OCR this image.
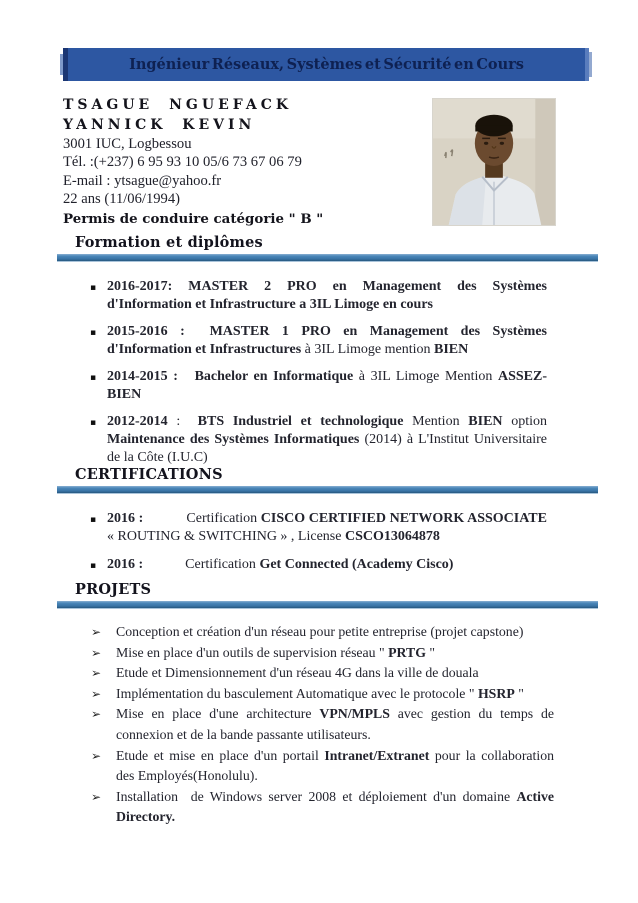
Ingénieur Réseaux, Systèmes et Sécurité en Cours
TSAGUE NGUEFACK
YANNICK KEVIN
3001 IUC, Logbessou
Tél. :(+237) 6 95 93 10 05/6 73 67 06 79
E-mail : ytsague@yahoo.fr
22 ans (11/06/1994)
Permis de conduire catégorie " B "
Formation et diplômes
▪ 2016-2017: MASTER 2 PRO en Management des Systèmes d'Information et Infrastructure a 3IL Limoge en cours
▪ 2015-2016 :  MASTER 1 PRO en Management des Systèmes d'Information et Infrastructures à 3IL Limoge mention BIEN
▪ 2014-2015 :   Bachelor en Informatique à 3IL Limoge Mention ASSEZ-BIEN
▪ 2012-2014 :  BTS Industriel et technologique Mention BIEN option Maintenance des Systèmes Informatiques (2014) à L'Institut Universitaire de la Côte (I.U.C)
CERTIFICATIONS
▪ 2016 :            Certification CISCO CERTIFIED NETWORK ASSOCIATE « ROUTING & SWITCHING » , License CSCO13064878
▪ 2016 :            Certification Get Connected (Academy Cisco)
PROJETS
➢ Conception et création d'un réseau pour petite entreprise (projet capstone)
➢ Mise en place d'un outils de supervision réseau " PRTG "
➢ Etude et Dimensionnement d'un réseau 4G dans la ville de douala
➢ Implémentation du basculement Automatique avec le protocole " HSRP "
➢ Mise en place d'une architecture VPN/MPLS avec gestion du temps de connexion et de la bande passante utilisateurs.
➢ Etude et mise en place d'un portail Intranet/Extranet pour la collaboration des Employés(Honolulu).
➢ Installation  de Windows server 2008 et déploiement d'un domaine Active Directory.
